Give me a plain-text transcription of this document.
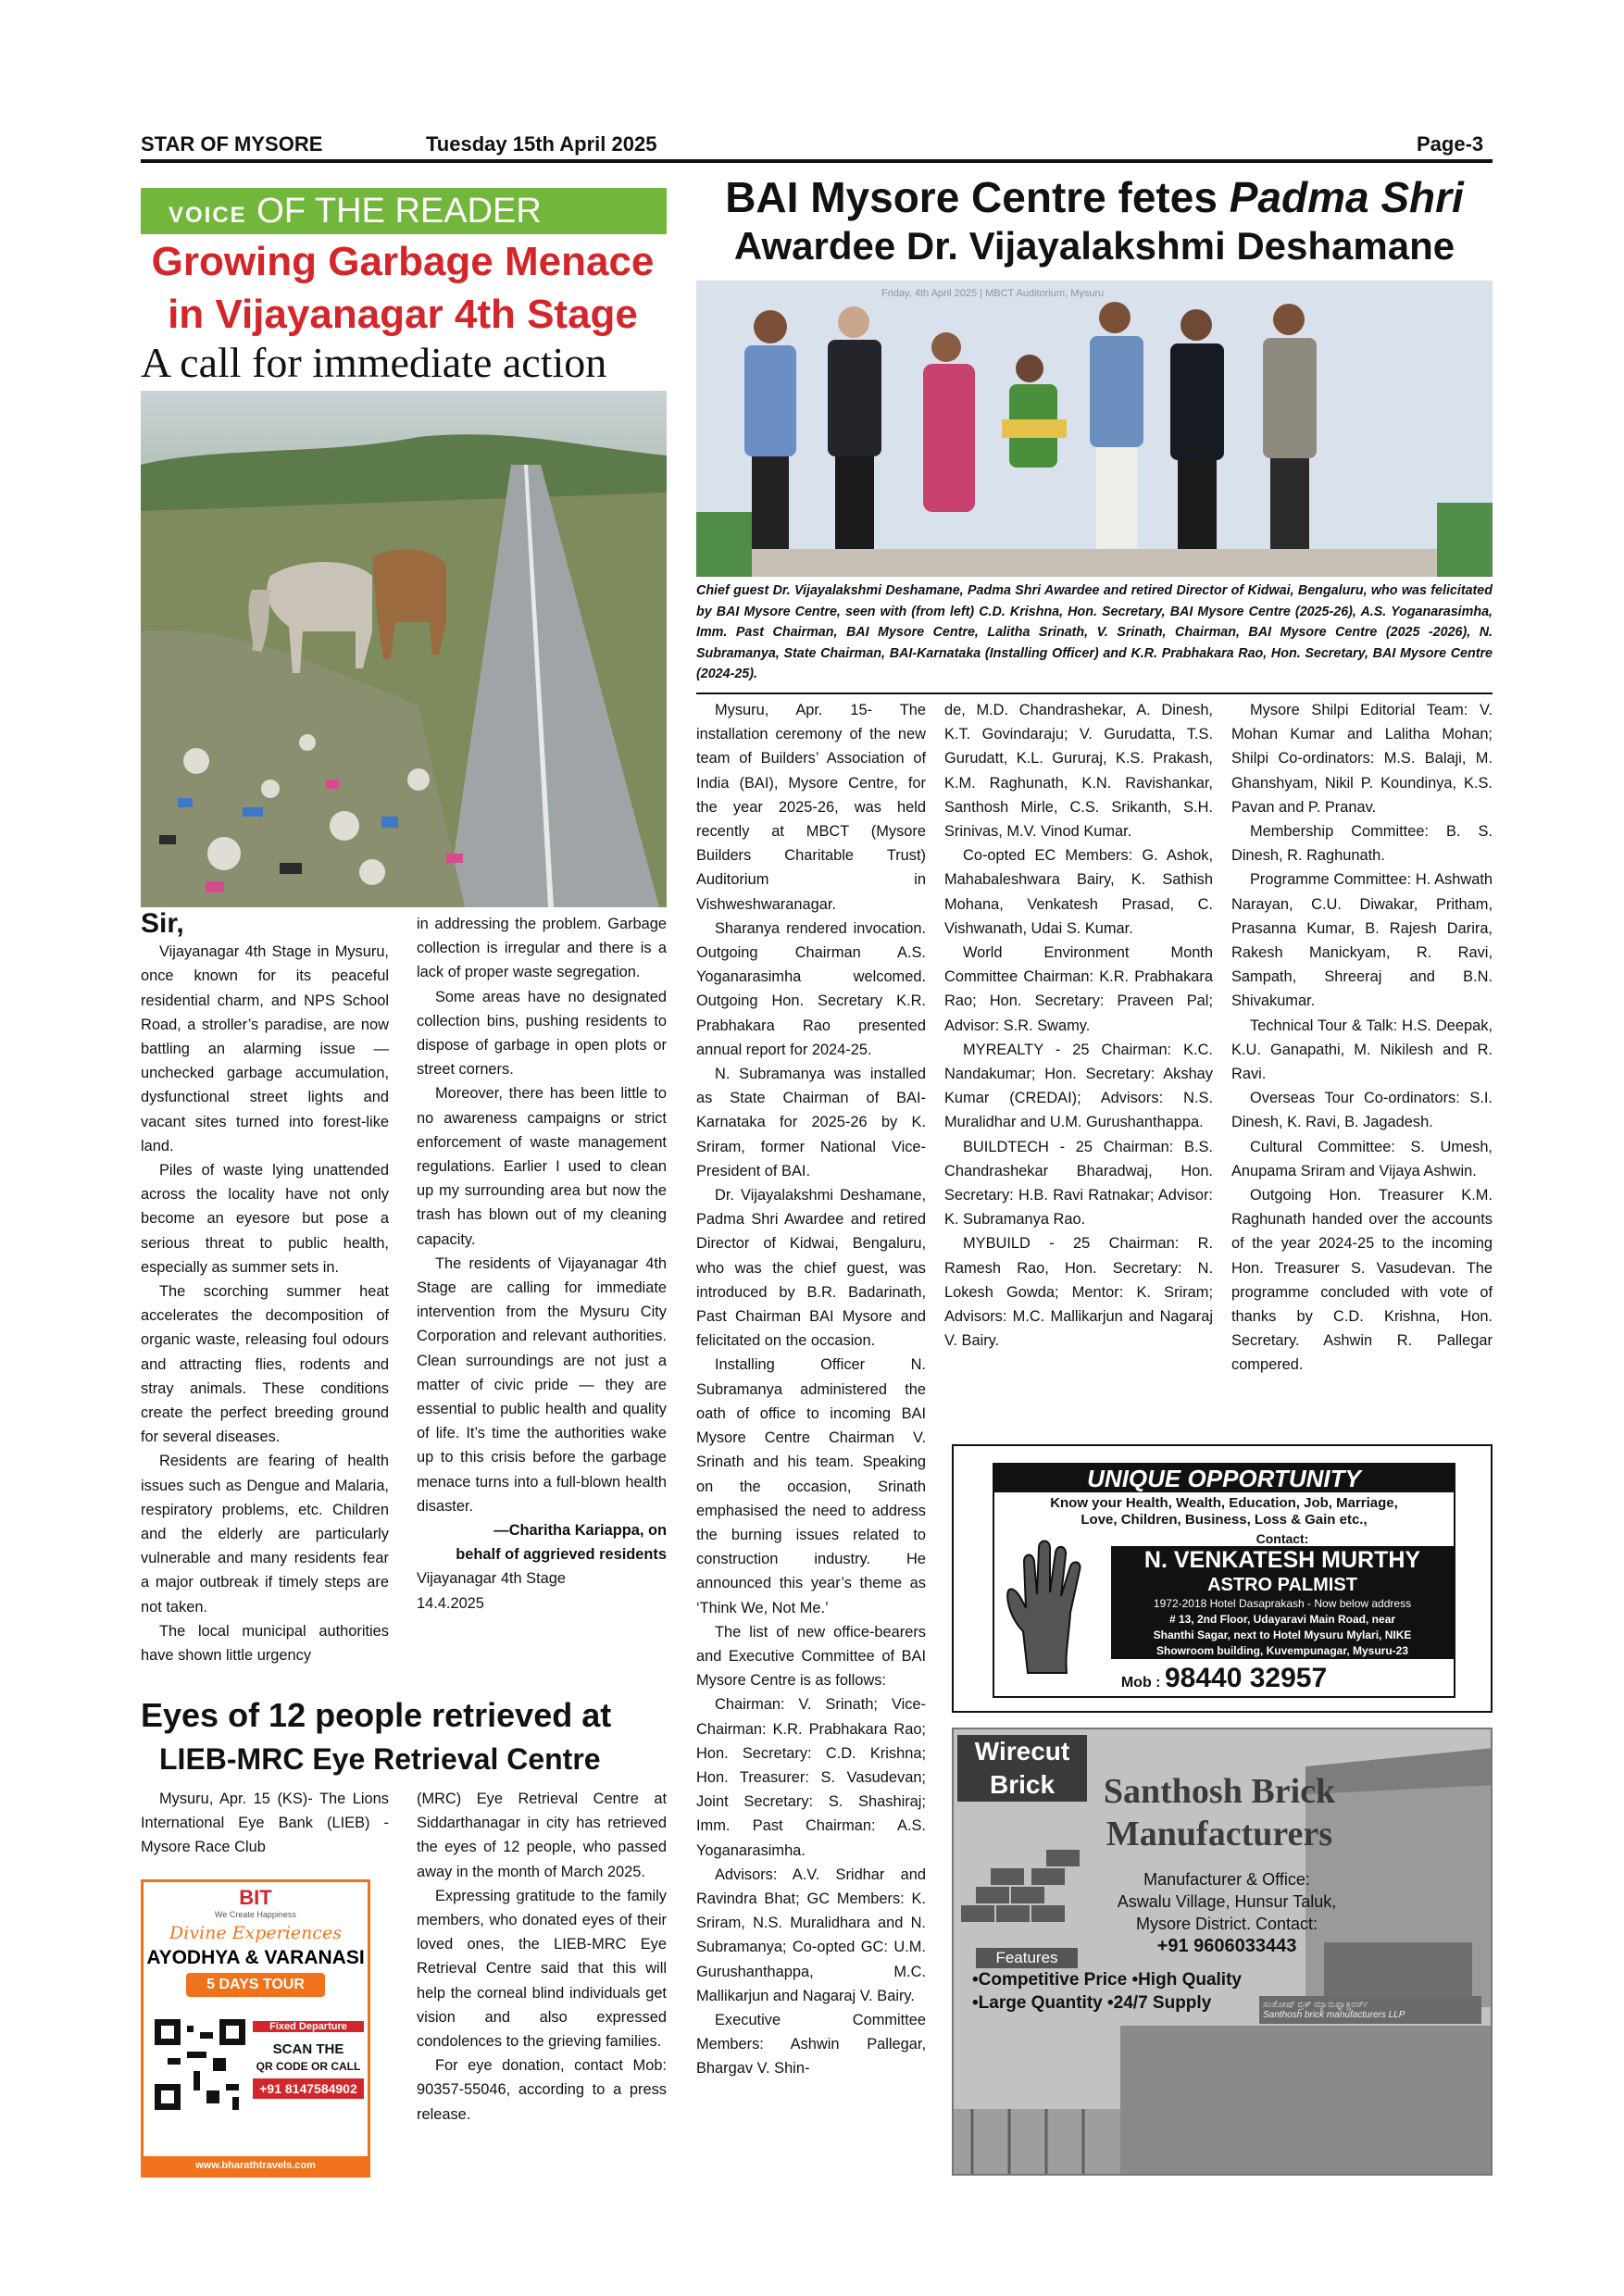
STAR OF MYSORE	Tuesday 15th April 2025	Page-3
VOICE OF THE READER
Growing Garbage Menace
in Vijayanagar 4th Stage
A call for immediate action

Sir,

Vijayanagar 4th Stage in Mysuru, once known for its peaceful residential charm, and NPS School Road, a stroller’s paradise, are now battling an alarming issue — unchecked garbage accumulation, dysfunctional street lights and vacant sites turned into forest-like land.

Piles of waste lying unattended across the locality have not only become an eyesore but pose a serious threat to public health, especially as summer sets in.

The scorching summer heat accelerates the decomposition of organic waste, releasing foul odours and attracting flies, rodents and stray animals. These conditions create the perfect breeding ground for several diseases.

Residents are fearing of health issues such as Dengue and Malaria, respiratory problems, etc. Children and the elderly are particularly vulnerable and many residents fear a major outbreak if timely steps are not taken.

The local municipal authorities have shown little urgency

in addressing the problem. Garbage collection is irregular and there is a lack of proper waste segregation.

Some areas have no designated collection bins, pushing residents to dispose of garbage in open plots or street corners.

Moreover, there has been little to no awareness campaigns or strict enforcement of waste management regulations. Earlier I used to clean up my surrounding area but now the trash has blown out of my cleaning capacity.

The residents of Vijayanagar 4th Stage are calling for immediate intervention from the Mysuru City Corporation and relevant authorities. Clean surroundings are not just a matter of civic pride — they are essential to public health and quality of life. It’s time the authorities wake up to this crisis before the garbage menace turns into a full-blown health disaster.

—Charitha Kariappa, on

behalf of aggrieved residents

Vijayanagar 4th Stage

14.4.2025

Eyes of 12 people retrieved at
LIEB-MRC Eye Retrieval Centre

Mysuru, Apr. 15 (KS)- The Lions International Eye Bank (LIEB) - Mysore Race Club

(MRC) Eye Retrieval Centre at Siddarthanagar in city has retrieved the eyes of 12 people, who passed away in the month of March 2025.

Expressing gratitude to the family members, who donated eyes of their loved ones, the LIEB-MRC Eye Retrieval Centre said that this will help the corneal blind individuals get vision and also expressed condolences to the grieving families.

For eye donation, contact Mob: 90357-55046, according to a press release.

BIT
We Create Happiness
Divine Experiences
AYODHYA & VARANASI
5 DAYS TOUR
Fixed Departure
SCAN THE
QR CODE OR CALL
+91 8147584902
www.bharathtravels.com
BAI Mysore Centre fetes Padma Shri
Awardee Dr. Vijayalakshmi Deshamane
Friday, 4th April 2025 | MBCT Auditorium, Mysuru
Chief guest Dr. Vijayalakshmi Deshamane, Padma Shri Awardee and retired Director of Kidwai, Bengaluru, who was felicitated by BAI Mysore Centre, seen with (from left) C.D. Krishna, Hon. Secretary, BAI Mysore Centre (2025-26), A.S. Yoganarasimha, Imm. Past Chairman, BAI Mysore Centre, Lalitha Srinath, V. Srinath, Chairman, BAI Mysore Centre (2025 -2026), N. Subramanya, State Chairman, BAI-Karnataka (Installing Officer) and K.R. Prabhakara Rao, Hon. Secretary, BAI Mysore Centre (2024-25).

Mysuru, Apr. 15- The installation ceremony of the new team of Builders’ Association of India (BAI), Mysore Centre, for the year 2025-26, was held recently at MBCT (Mysore Builders Charitable Trust) Auditorium in Vishweshwaranagar.

Sharanya rendered invocation. Outgoing Chairman A.S. Yoganarasimha welcomed. Outgoing Hon. Secretary K.R. Prabhakara Rao presented annual report for 2024-25.

N. Subramanya was installed as State Chairman of BAI-Karnataka for 2025-26 by K. Sriram, former National Vice-President of BAI.

Dr. Vijayalakshmi Deshamane, Padma Shri Awardee and retired Director of Kidwai, Bengaluru, who was the chief guest, was introduced by B.R. Badarinath, Past Chairman BAI Mysore and felicitated on the occasion.

Installing Officer N. Subramanya administered the oath of office to incoming BAI Mysore Centre Chairman V. Srinath and his team. Speaking on the occasion, Srinath emphasised the need to address the burning issues related to construction industry. He announced this year’s theme as ‘Think We, Not Me.’

The list of new office-bearers and Executive Committee of BAI Mysore Centre is as follows:

Chairman: V. Srinath; Vice-Chairman: K.R. Prabhakara Rao; Hon. Secretary: C.D. Krishna; Hon. Treasurer: S. Vasudevan; Joint Secretary: S. Shashiraj; Imm. Past Chairman: A.S. Yoganarasimha.

Advisors: A.V. Sridhar and Ravindra Bhat; GC Members: K. Sriram, N.S. Muralidhara and N. Subramanya; Co-opted GC: U.M. Gurushanthappa, M.C. Mallikarjun and Nagaraj V. Bairy.

Executive Committee Members: Ashwin Pallegar, Bhargav V. Shin-

de, M.D. Chandrashekar, A. Dinesh, K.T. Govindaraju; V. Gurudatta, T.S. Gurudatt, K.L. Gururaj, K.S. Prakash, K.M. Raghunath, K.N. Ravishankar, Santhosh Mirle, C.S. Srikanth, S.H. Srinivas, M.V. Vinod Kumar.

Co-opted EC Members: G. Ashok, Mahabaleshwara Bairy, K. Sathish Mohana, Venkatesh Prasad, C. Vishwanath, Udai S. Kumar.

World Environment Month Committee Chairman: K.R. Prabhakara Rao; Hon. Secretary: Praveen Pal; Advisor: S.R. Swamy.

MYREALTY - 25 Chairman: K.C. Nandakumar; Hon. Secretary: Akshay Kumar (CREDAI); Advisors: N.S. Muralidhar and U.M. Gurushanthappa.

BUILDTECH - 25 Chairman: B.S. Chandrashekar Bharadwaj, Hon. Secretary: H.B. Ravi Ratnakar; Advisor: K. Subramanya Rao.

MYBUILD - 25 Chairman: R. Ramesh Rao, Hon. Secretary: N. Lokesh Gowda; Mentor: K. Sriram; Advisors: M.C. Mallikarjun and Nagaraj V. Bairy.

Mysore Shilpi Editorial Team: V. Mohan Kumar and Lalitha Mohan; Shilpi Co-ordinators: M.S. Balaji, M. Ghanshyam, Nikil P. Koundinya, K.S. Pavan and P. Pranav.

Membership Committee: B. S. Dinesh, R. Raghunath.

Programme Committee: H. Ashwath Narayan, C.U. Diwakar, Pritham, Prasanna Kumar, B. Rajesh Darira, Rakesh Manickyam, R. Ravi, Sampath, Shreeraj and B.N. Shivakumar.

Technical Tour & Talk: H.S. Deepak, K.U. Ganapathi, M. Nikilesh and R. Ravi.

Overseas Tour Co-ordinators: S.I. Dinesh, K. Ravi, B. Jagadesh.

Cultural Committee: S. Umesh, Anupama Sriram and Vijaya Ashwin.

Outgoing Hon. Treasurer K.M. Raghunath handed over the accounts of the year 2024-25 to the incoming Hon. Treasurer S. Vasudevan. The programme concluded with vote of thanks by C.D. Krishna, Hon. Secretary. Ashwin R. Pallegar compered.

UNIQUE OPPORTUNITY
Know your Health, Wealth, Education, Job, Marriage,
Love, Children, Business, Loss & Gain etc.,
Contact:
N. VENKATESH MURTHY
ASTRO PALMIST
1972-2018 Hotel Dasaprakash - Now below address
# 13, 2nd Floor, Udayaravi Main Road, near
Shanthi Sagar, next to Hotel Mysuru Mylari, NIKE
Showroom building, Kuvempunagar, Mysuru-23
Mob : 98440 32957
Wirecut
Brick	Santhosh Brick
Manufacturers
Manufacturer & Office:
Aswalu Village, Hunsur Taluk,
Mysore District. Contact:
+91 9606033443
Features
•Competitive Price •High Quality
•Large Quantity •24/7 Supply	ಸಂತೋಷ್ ಬ್ರಿಕ್ ಮ್ಯಾನುಫ್ಯಾಕ್ಚರರ್ಸ್
Santhosh brick manufacturers LLP
